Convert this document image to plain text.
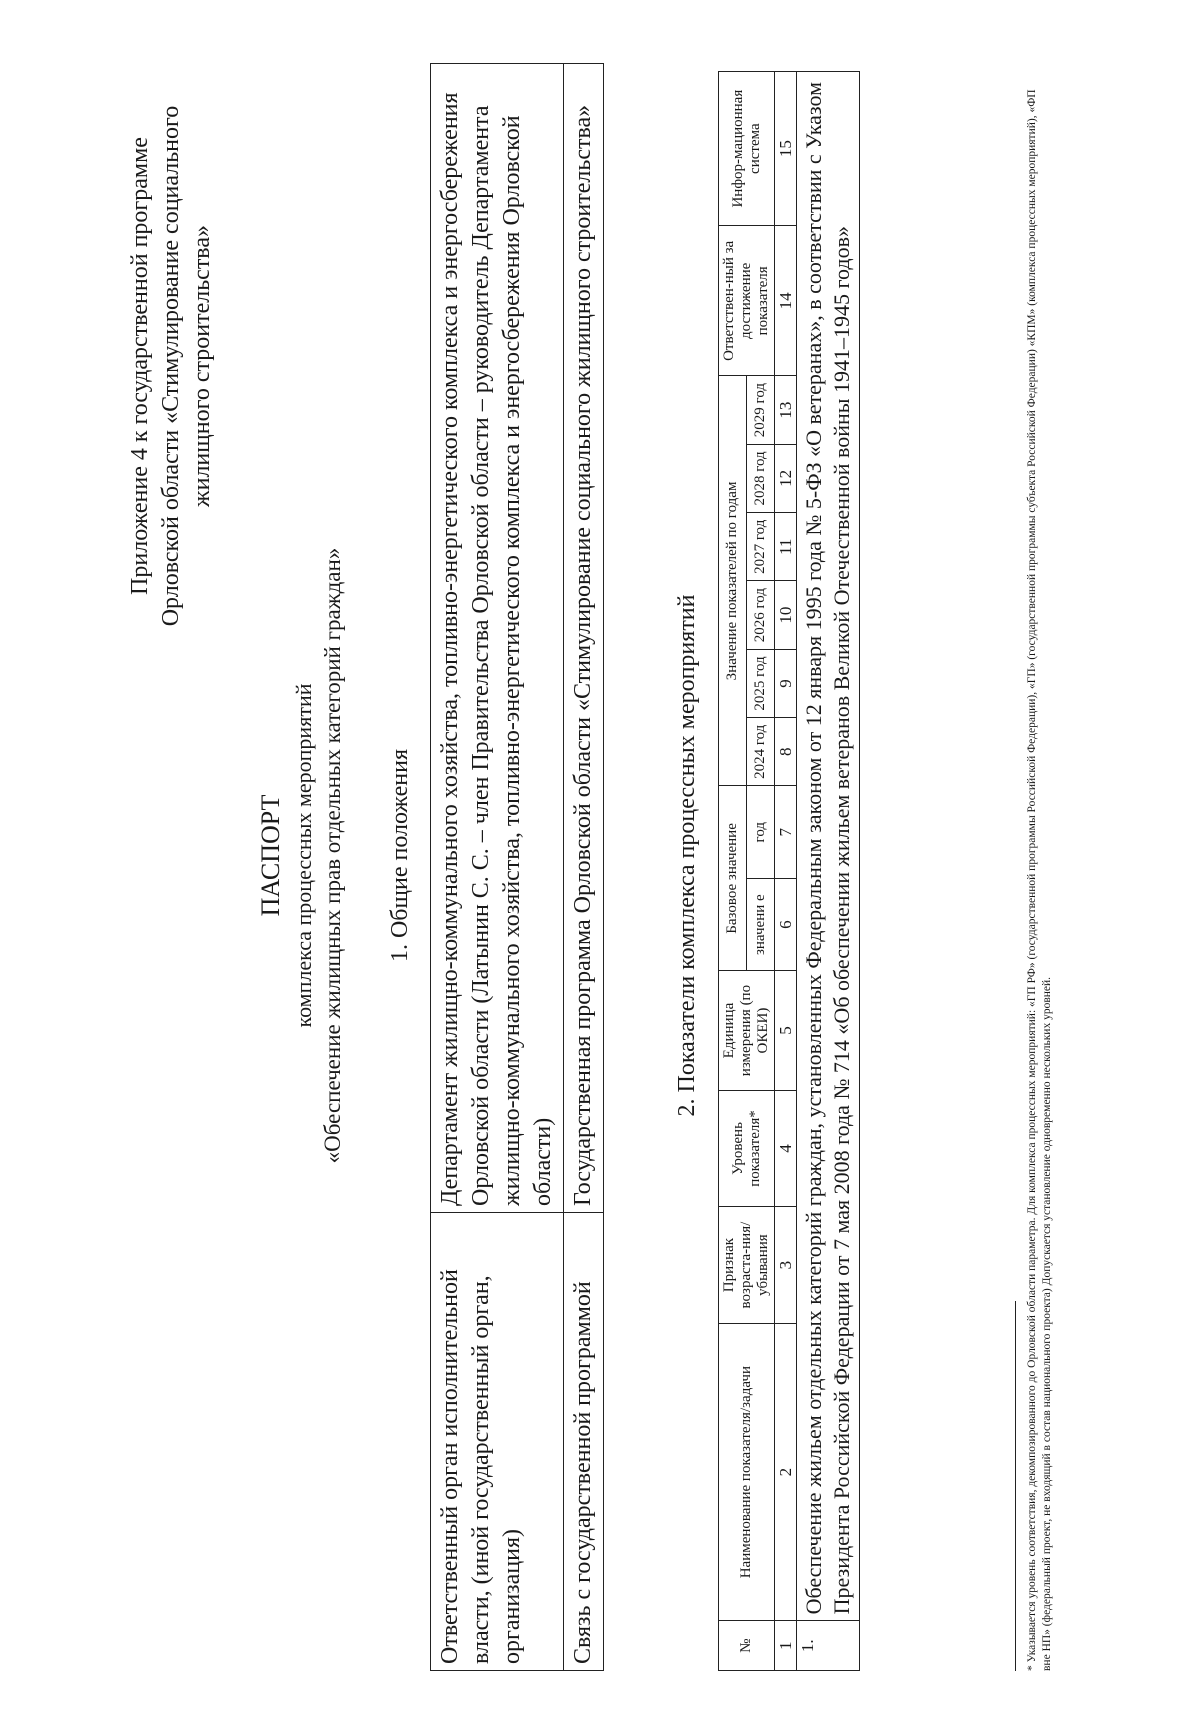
Приложение 4 к государственной программе Орловской области «Стимулирование социального жилищного строительства»
ПАСПОРТ комплекса процессных мероприятий «Обеспечение жилищных прав отдельных категорий граждан» 1. Общие положения
Ответственный орган исполнительной власти, (иной государственный орган, организация)	Департамент жилищно-коммунального хозяйства, топливно-энергетического комплекса и энергосбережения Орловской области (Латынин С. С. – член Правительства Орловской области – руководитель Департамента жилищно-коммунального хозяйства, топливно-энергетического комплекса и энергосбережения Орловской области)
Связь с государственной программой	Государственная программа Орловской области «Стимулирование социального жилищного строительства»	2. Показатели комплекса процессных мероприятий
№	Наименование показателя/задачи	Признак возраста-ния/ убывания	Уровень показателя*	Единица измерения (по ОКЕИ)	Базовое значение		Значение показателей по годам						Ответствен-ный за достижение показателя	Инфор-мационная система
					значени е	год	2024 год	2025 год	2026 год	2027 год	2028 год	2029 год		
1	2	3	4	5	6	7	8	9	10	11	12	13	14	15
1.	Обеспечение жильем отдельных категорий граждан, установленных Федеральным законом от 12 января 1995 года № 5-ФЗ «О ветеранах», в соответствии с Указом Президента Российской Федерации от 7 мая 2008 года № 714 «Об обеспечении жильем ветеранов Великой Отечественной войны 1941–1945 годов»														* Указывается уровень соответствия, декомпозированного до Орловской области параметра. Для комплекса процессных мероприятий: «ГП РФ» (государственной программы Российской Федерации), «ГП» (государственной программы субъекта Российской Федерации) «КПМ» (комплекса процессных мероприятий), «ФП вне НП» (федеральный проект, не входящий в состав национального проекта) Допускается установление одновременно нескольких уровней.
